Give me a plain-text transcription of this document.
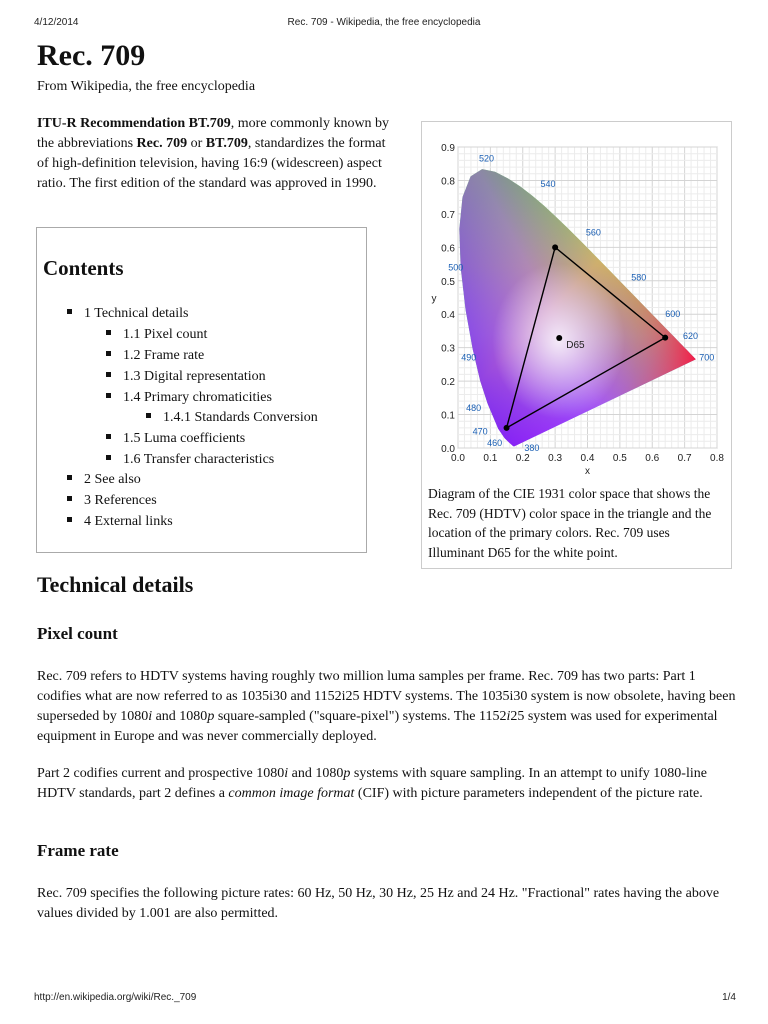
4/12/2014	Rec. 709 - Wikipedia, the free encyclopedia
Rec. 709
From Wikipedia, the free encyclopedia

ITU-R Recommendation BT.709, more commonly known by the abbreviations Rec. 709 or BT.709, standardizes the format of high-definition television, having 16:9 (widescreen) aspect ratio. The first edition of the standard was approved in 1990.

Contents
1 Technical details
1.1 Pixel count
1.2 Frame rate
1.3 Digital representation
1.4 Primary chromaticities
1.4.1 Standards Conversion
1.5 Luma coefficients
1.6 Transfer characteristics
2 See also
3 References
4 External links
D65
0.0 0.1 0.2 0.3 0.4 0.5 0.6 0.7 0.8
0.0
0.1
0.2
0.3
0.4
0.5
0.6
0.7
0.8
0.9
x
y
520
540
560
580
600
620
700
500
490
480
470
460
380
Diagram of the CIE 1931 color space that shows the Rec. 709 (HDTV) color space in the triangle and the location of the primary colors. Rec. 709 uses Illuminant D65 for the white point.
Technical details
Pixel count

Rec. 709 refers to HDTV systems having roughly two million luma samples per frame. Rec. 709 has two parts: Part 1 codifies what are now referred to as 1035i30 and 1152i25 HDTV systems. The 1035i30 system is now obsolete, having been superseded by 1080i and 1080p square-sampled ("square-pixel") systems. The 1152i25 system was used for experimental equipment in Europe and was never commercially deployed.

Part 2 codifies current and prospective 1080i and 1080p systems with square sampling. In an attempt to unify 1080-line HDTV standards, part 2 defines a common image format (CIF) with picture parameters independent of the picture rate.

Frame rate

Rec. 709 specifies the following picture rates: 60 Hz, 50 Hz, 30 Hz, 25 Hz and 24 Hz. "Fractional" rates having the above values divided by 1.001 are also permitted.

http://en.wikipedia.org/wiki/Rec._709	1/4
